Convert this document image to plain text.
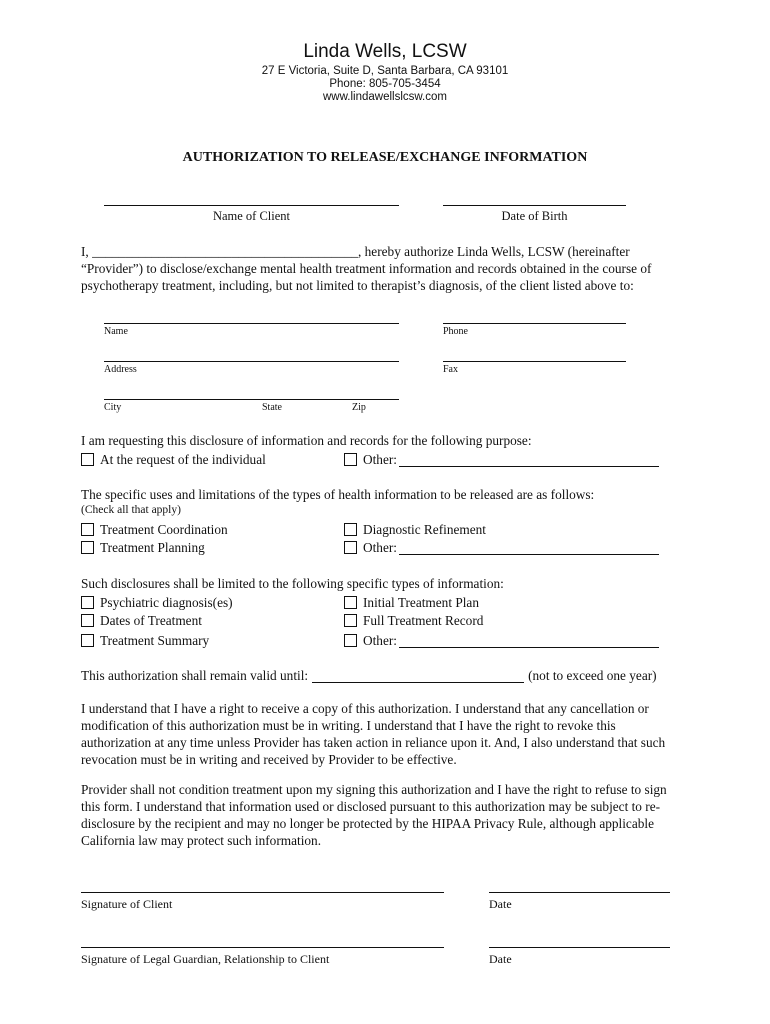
Linda Wells, LCSW
27 E Victoria, Suite D, Santa Barbara, CA 93101
Phone: 805-705-3454
www.lindawellslcsw.com
AUTHORIZATION TO RELEASE/EXCHANGE INFORMATION
Name of Client	Date of Birth
I, ________________________________________, hereby authorize Linda Wells, LCSW (hereinafter
“Provider”) to disclose/exchange mental health treatment information and records obtained in the course of
psychotherapy treatment, including, but not limited to therapist’s diagnosis, of the client listed above to:
Name	Phone
Address	Fax
City	State	Zip
I am requesting this disclosure of information and records for the following purpose:
At the request of the individual	Other:
The specific uses and limitations of the types of health information to be released are as follows:
(Check all that apply)
Treatment Coordination	Diagnostic Refinement
Treatment Planning	Other:
Such disclosures shall be limited to the following specific types of information:
Psychiatric diagnosis(es)	Initial Treatment Plan
Dates of Treatment	Full Treatment Record
Treatment Summary	Other:
This authorization shall remain valid until:	(not to exceed one year)
I understand that I have a right to receive a copy of this authorization. I understand that any cancellation or modification of this authorization must be in writing. I understand that I have the right to revoke this authorization at any time unless Provider has taken action in reliance upon it. And, I also understand that such revocation must be in writing and received by Provider to be effective.
Provider shall not condition treatment upon my signing this authorization and I have the right to refuse to sign this form. I understand that information used or disclosed pursuant to this authorization may be subject to re-disclosure by the recipient and may no longer be protected by the HIPAA Privacy Rule, although applicable California law may protect such information.
Signature of Client	Date
Signature of Legal Guardian, Relationship to Client	Date
